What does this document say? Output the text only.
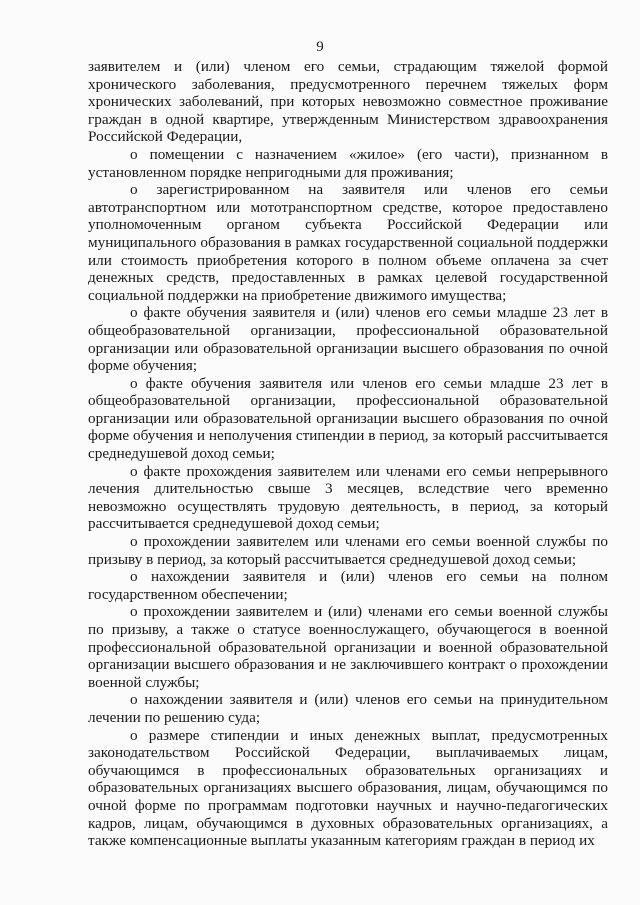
9

заявителем и (или) членом его семьи, страдающим тяжелой формой хронического заболевания, предусмотренного перечнем тяжелых форм хронических заболеваний, при которых невозможно совместное проживание граждан в одной квартире, утвержденным Министерством здравоохранения Российской Федерации,

о помещении с назначением «жилое» (его части), признанном в установленном порядке непригодными для проживания;

о зарегистрированном на заявителя или членов его семьи автотранспортном или мототранспортном средстве, которое предоставлено уполномоченным органом субъекта Российской Федерации или муниципального образования в рамках государственной социальной поддержки или стоимость приобретения которого в полном объеме оплачена за счет денежных средств, предоставленных в рамках целевой государственной социальной поддержки на приобретение движимого имущества;

о факте обучения заявителя и (или) членов его семьи младше 23 лет в общеобразовательной организации, профессиональной образовательной организации или образовательной организации высшего образования по очной форме обучения;

о факте обучения заявителя или членов его семьи младше 23 лет в общеобразовательной организации, профессиональной образовательной организации или образовательной организации высшего образования по очной форме обучения и неполучения стипендии в период, за который рассчитывается среднедушевой доход семьи;

о факте прохождения заявителем или членами его семьи непрерывного лечения длительностью свыше 3 месяцев, вследствие чего временно невозможно осуществлять трудовую деятельность, в период, за который рассчитывается среднедушевой доход семьи;

о прохождении заявителем или членами его семьи военной службы по призыву в период, за который рассчитывается среднедушевой доход семьи;

о нахождении заявителя и (или) членов его семьи на полном государственном обеспечении;

о прохождении заявителем и (или) членами его семьи военной службы по призыву, а также о статусе военнослужащего, обучающегося в военной профессиональной образовательной организации и военной образовательной организации высшего образования и не заключившего контракт о прохождении военной службы;

о нахождении заявителя и (или) членов его семьи на принудительном лечении по решению суда;

о размере стипендии и иных денежных выплат, предусмотренных законодательством Российской Федерации, выплачиваемых лицам, обучающимся в профессиональных образовательных организациях и образовательных организациях высшего образования, лицам, обучающимся по очной форме по программам подготовки научных и научно-педагогических кадров, лицам, обучающимся в духовных образовательных организациях, а также компенсационные выплаты указанным категориям граждан в период их
